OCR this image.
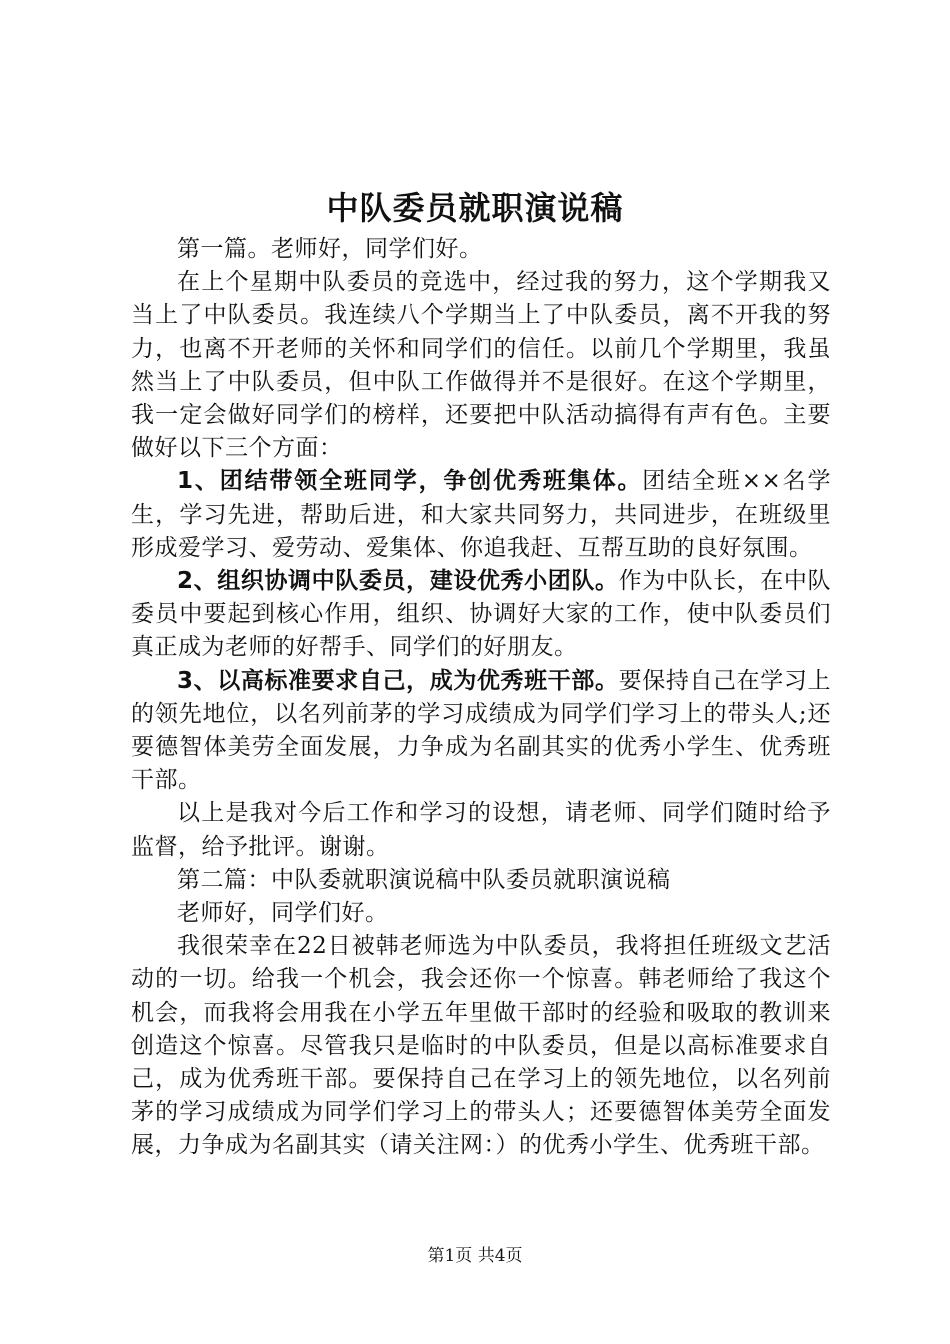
中队委员就职演说稿

第一篇。老师好，同学们好。

在上个星期中队委员的竞选中，经过我的努力，这个学期我又当上了中队委员。我连续八个学期当上了中队委员，离不开我的努力，也离不开老师的关怀和同学们的信任。以前几个学期里，我虽然当上了中队委员，但中队工作做得并不是很好。在这个学期里，我一定会做好同学们的榜样，还要把中队活动搞得有声有色。主要做好以下三个方面：

1、团结带领全班同学，争创优秀班集体。团结全班××名学生，学习先进，帮助后进，和大家共同努力，共同进步，在班级里形成爱学习、爱劳动、爱集体、你追我赶、互帮互助的良好氛围。

2、组织协调中队委员，建设优秀小团队。作为中队长，在中队委员中要起到核心作用，组织、协调好大家的工作，使中队委员们真正成为老师的好帮手、同学们的好朋友。

3、以高标准要求自己，成为优秀班干部。要保持自己在学习上的领先地位，以名列前茅的学习成绩成为同学们学习上的带头人;还要德智体美劳全面发展，力争成为名副其实的优秀小学生、优秀班干部。

以上是我对今后工作和学习的设想，请老师、同学们随时给予监督，给予批评。谢谢。

第二篇：中队委就职演说稿中队委员就职演说稿

老师好，同学们好。

我很荣幸在22日被韩老师选为中队委员，我将担任班级文艺活动的一切。给我一个机会，我会还你一个惊喜。韩老师给了我这个机会，而我将会用我在小学五年里做干部时的经验和吸取的教训来创造这个惊喜。尽管我只是临时的中队委员，但是以高标准要求自己，成为优秀班干部。要保持自己在学习上的领先地位，以名列前茅的学习成绩成为同学们学习上的带头人；还要德智体美劳全面发展，力争成为名副其实（请关注网：）的优秀小学生、优秀班干部。

第1页 共4页
